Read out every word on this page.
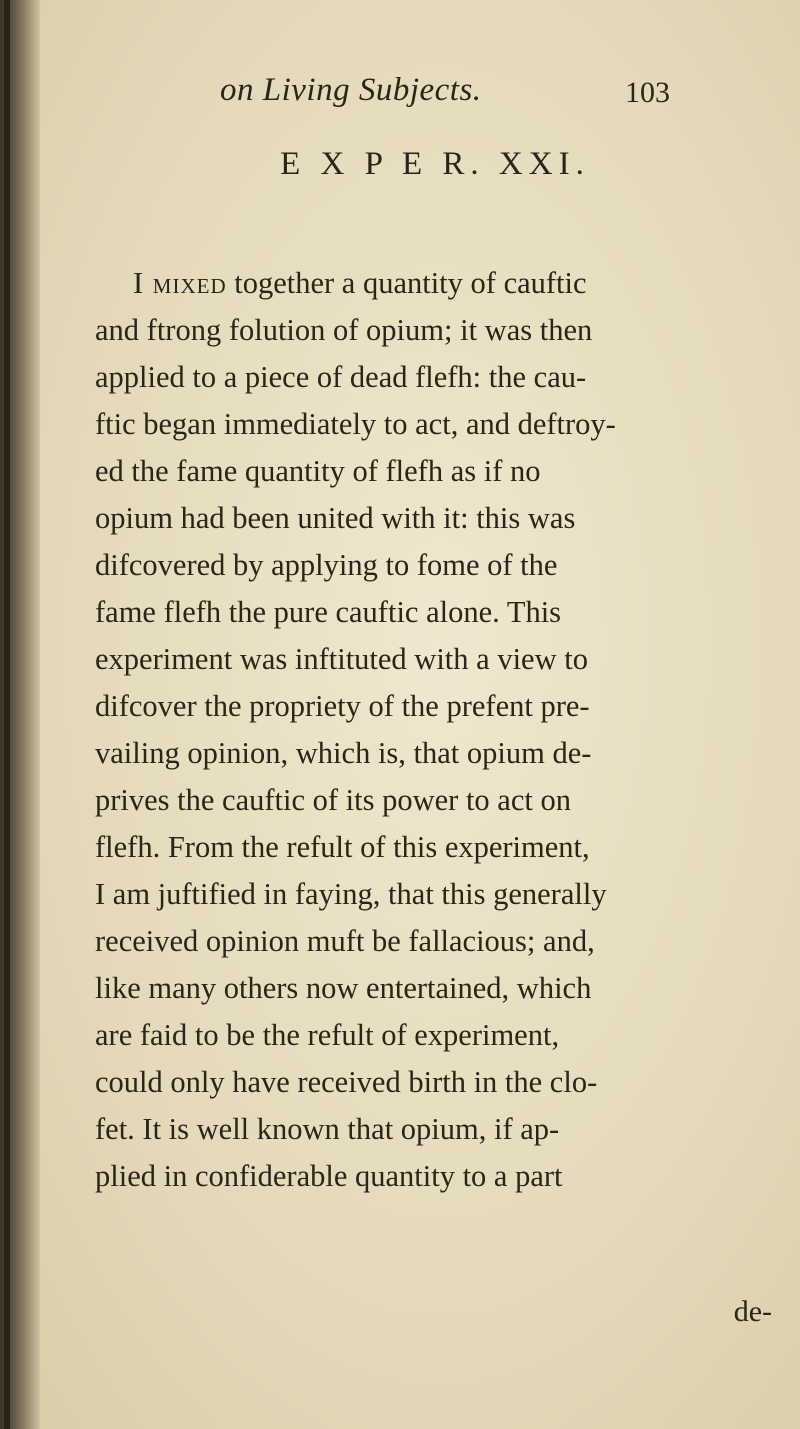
on Living Subjects.	103
E X P E R. XXI.
I mixed together a quantity of cauftic
and ftrong folution of opium; it was then
applied to a piece of dead flefh: the cau-
ftic began immediately to act, and deftroy-
ed the fame quantity of flefh as if no
opium had been united with it: this was
difcovered by applying to fome of the
fame flefh the pure cauftic alone. This
experiment was inftituted with a view to
difcover the propriety of the prefent pre-
vailing opinion, which is, that opium de-
prives the cauftic of its power to act on
flefh. From the refult of this experiment,
I am juftified in faying, that this generally
received opinion muft be fallacious; and,
like many others now entertained, which
are faid to be the refult of experiment,
could only have received birth in the clo-
fet. It is well known that opium, if ap-
plied in confiderable quantity to a part
de-
